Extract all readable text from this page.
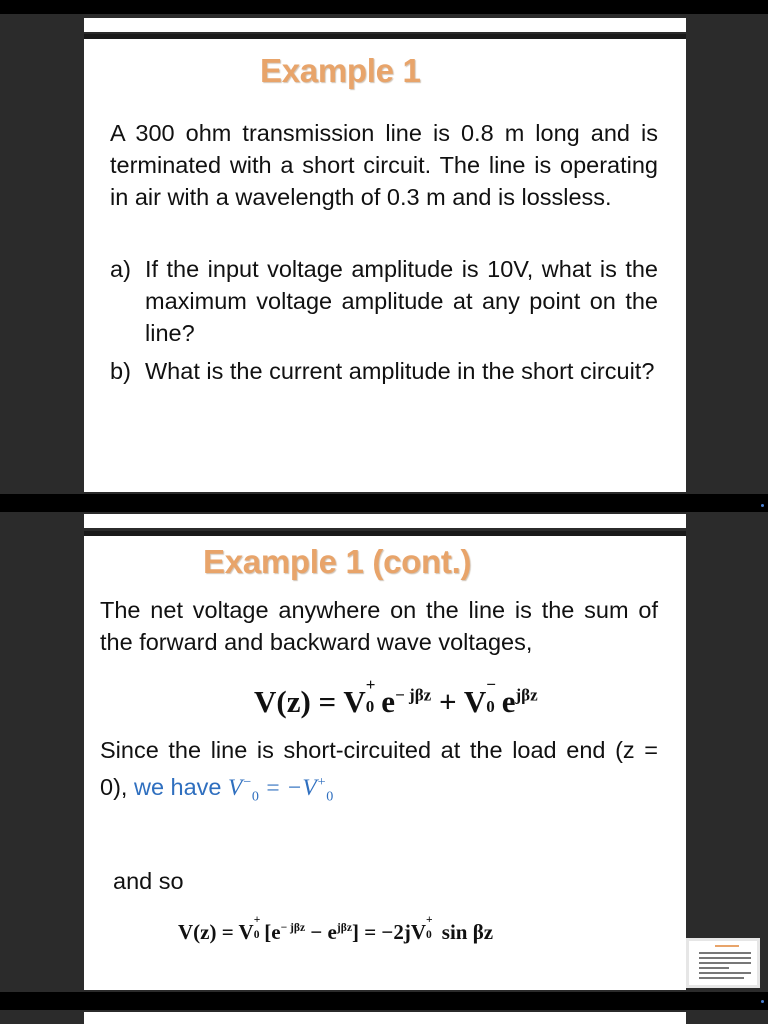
Example 1
A 300 ohm transmission line is 0.8 m long and is terminated with a short circuit. The line is operating in air with a wavelength of 0.3 m and is lossless.
a) If the input voltage amplitude is 10V, what is the maximum voltage amplitude at any point on the line?
b) What is the current amplitude in the short circuit?
Example 1 (cont.)
The net voltage anywhere on the line is the sum of the forward and backward wave voltages,
V(z) = V +
0 $e^{- j\beta z} + V$ −
0 $e^{j\beta z}$
Since the line is short-circuited at the load end (z = 0), we have $V^-_0 = -V^+_0$
and so
V(z) = V
+
0 $[e^{- j\beta z} - e^{j\beta z}] = -2jV$
+
0 sin βz
